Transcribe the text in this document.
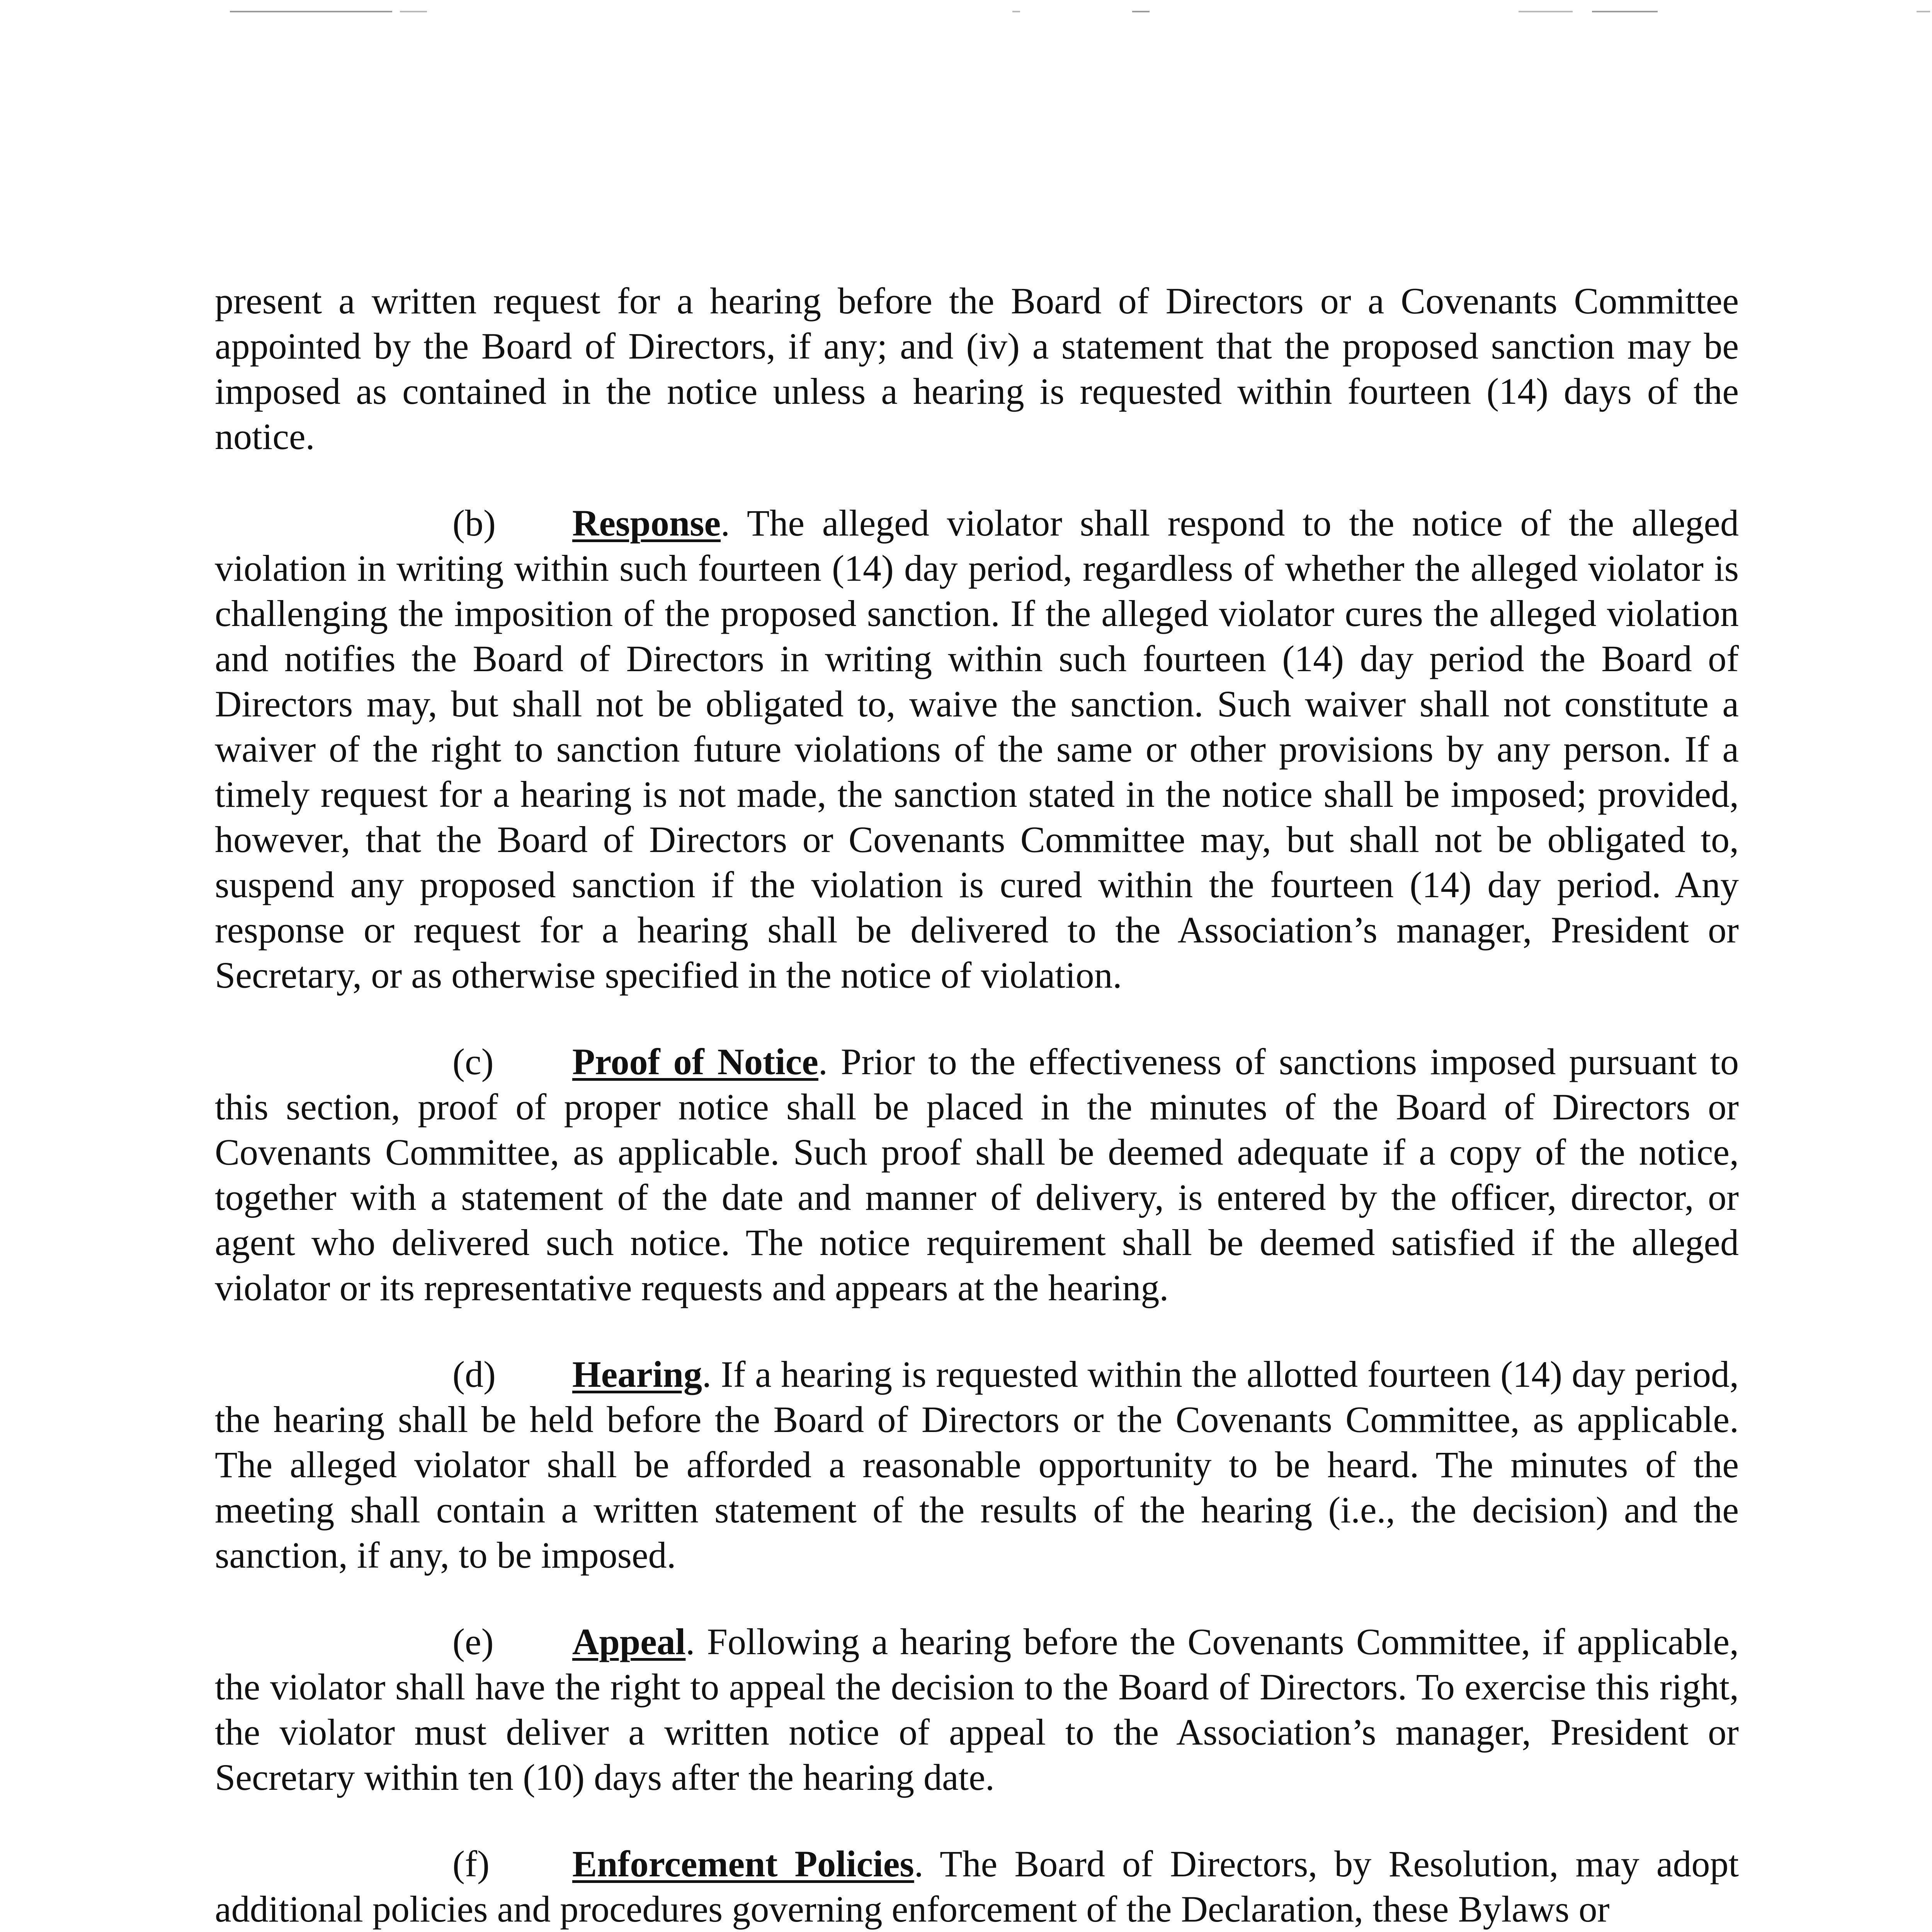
present a written request for a hearing before the Board of Directors or a Covenants Committee appointed by the Board of Directors, if any; and (iv) a statement that the proposed sanction may be imposed as contained in the notice unless a hearing is requested within fourteen (14) days of the notice.

(b) Response. The alleged violator shall respond to the notice of the alleged violation in writing within such fourteen (14) day period, regardless of whether the alleged violator is challenging the imposition of the proposed sanction. If the alleged violator cures the alleged violation and notifies the Board of Directors in writing within such fourteen (14) day period the Board of Directors may, but shall not be obligated to, waive the sanction. Such waiver shall not constitute a waiver of the right to sanction future violations of the same or other provisions by any person. If a timely request for a hearing is not made, the sanction stated in the notice shall be imposed; provided, however, that the Board of Directors or Covenants Committee may, but shall not be obligated to, suspend any proposed sanction if the violation is cured within the fourteen (14) day period. Any response or request for a hearing shall be delivered to the Association’s manager, President or Secretary, or as otherwise specified in the notice of violation.

(c) Proof of Notice. Prior to the effectiveness of sanctions imposed pursuant to this section, proof of proper notice shall be placed in the minutes of the Board of Directors or Covenants Committee, as applicable. Such proof shall be deemed adequate if a copy of the notice, together with a statement of the date and manner of delivery, is entered by the officer, director, or agent who delivered such notice. The notice requirement shall be deemed satisfied if the alleged violator or its representative requests and appears at the hearing.

(d) Hearing. If a hearing is requested within the allotted fourteen (14) day period, the hearing shall be held before the Board of Directors or the Covenants Committee, as applicable. The alleged violator shall be afforded a reasonable opportunity to be heard. The minutes of the meeting shall contain a written statement of the results of the hearing (i.e., the decision) and the sanction, if any, to be imposed.

(e) Appeal. Following a hearing before the Covenants Committee, if applicable, the violator shall have the right to appeal the decision to the Board of Directors. To exercise this right, the violator must deliver a written notice of appeal to the Association’s manager, President or Secretary within ten (10) days after the hearing date.

(f) Enforcement Policies. The Board of Directors, by Resolution, may adopt additional policies and procedures governing enforcement of the Declaration, these Bylaws or
